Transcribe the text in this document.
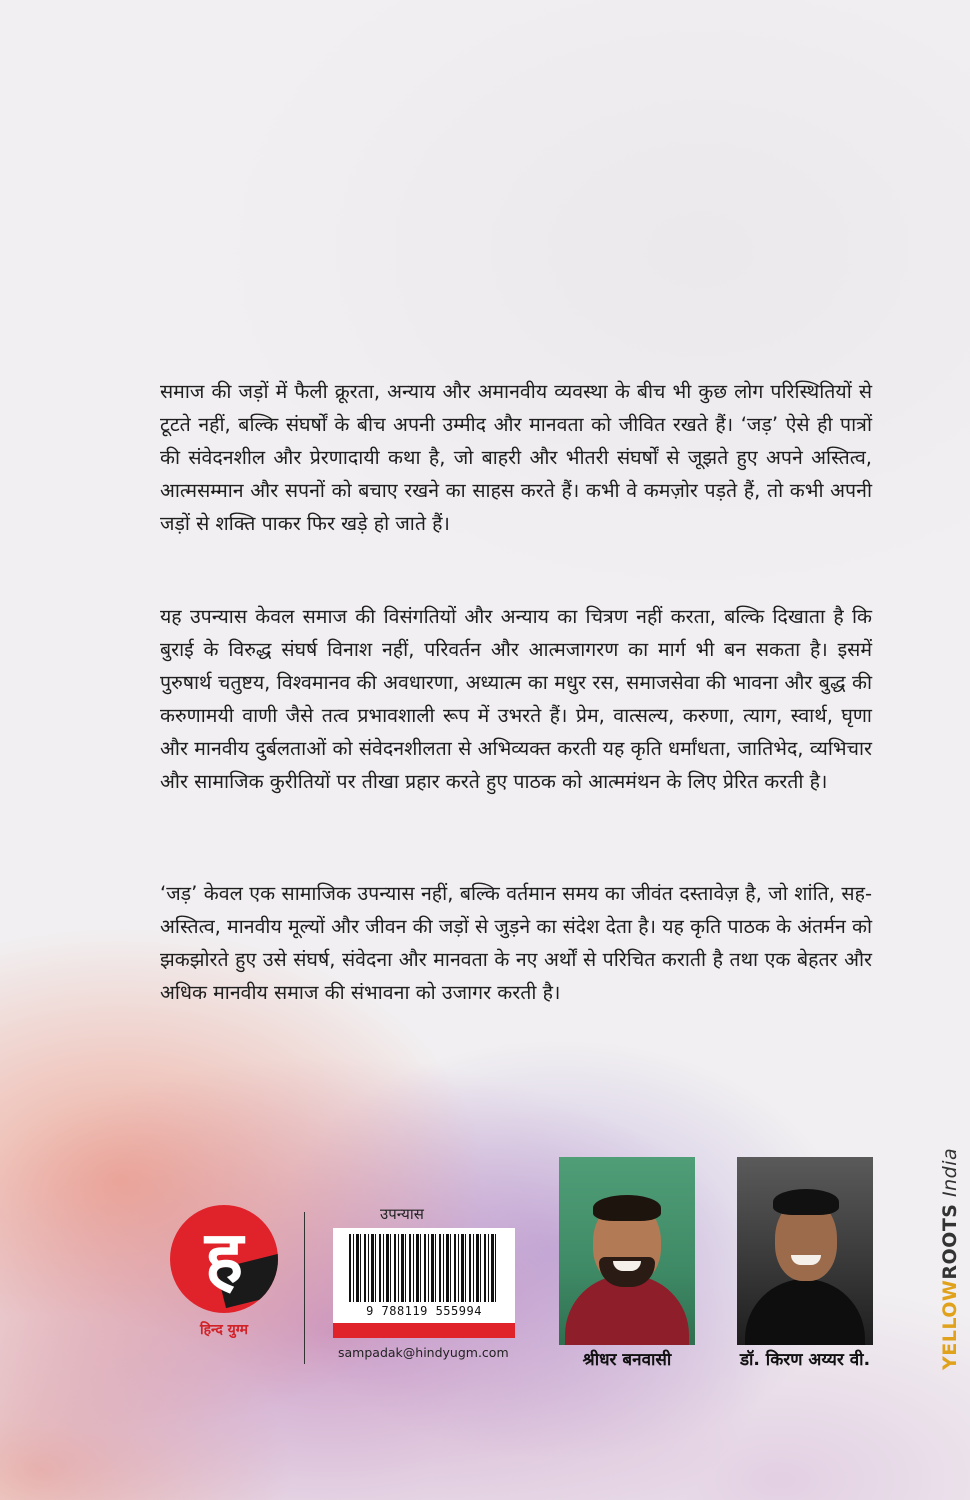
समाज की जड़ों में फैली क्रूरता, अन्याय और अमानवीय व्यवस्था के बीच भी कुछ लोग परिस्थितियों से टूटते नहीं, बल्कि संघर्षों के बीच अपनी उम्मीद और मानवता को जीवित रखते हैं। ‘जड़’ ऐसे ही पात्रों की संवेदनशील और प्रेरणादायी कथा है, जो बाहरी और भीतरी संघर्षों से जूझते हुए अपने अस्तित्व, आत्मसम्मान और सपनों को बचाए रखने का साहस करते हैं। कभी वे कमज़ोर पड़ते हैं, तो कभी अपनी जड़ों से शक्ति पाकर फिर खड़े हो जाते हैं।

यह उपन्यास केवल समाज की विसंगतियों और अन्याय का चित्रण नहीं करता, बल्कि दिखाता है कि बुराई के विरुद्ध संघर्ष विनाश नहीं, परिवर्तन और आत्मजागरण का मार्ग भी बन सकता है। इसमें पुरुषार्थ चतुष्टय, विश्वमानव की अवधारणा, अध्यात्म का मधुर रस, समाजसेवा की भावना और बुद्ध की करुणामयी वाणी जैसे तत्व प्रभावशाली रूप में उभरते हैं। प्रेम, वात्सल्य, करुणा, त्याग, स्वार्थ, घृणा और मानवीय दुर्बलताओं को संवेदनशीलता से अभिव्यक्त करती यह कृति धर्मांधता, जातिभेद, व्यभिचार और सामाजिक कुरीतियों पर तीखा प्रहार करते हुए पाठक को आत्ममंथन के लिए प्रेरित करती है।

‘जड़’ केवल एक सामाजिक उपन्यास नहीं, बल्कि वर्तमान समय का जीवंत दस्तावेज़ है, जो शांति, सह-अस्तित्व, मानवीय मूल्यों और जीवन की जड़ों से जुड़ने का संदेश देता है। यह कृति पाठक के अंतर्मन को झकझोरते हुए उसे संघर्ष, संवेदना और मानवता के नए अर्थों से परिचित कराती है तथा एक बेहतर और अधिक मानवीय समाज की संभावना को उजागर करती है।

ह
हिन्द युग्म
उपन्यास
9 788119 555994
sampadak@hindyugm.com	श्रीधर बनवासी	डॉ. किरण अय्यर वी.	YELLOWROOTS India
